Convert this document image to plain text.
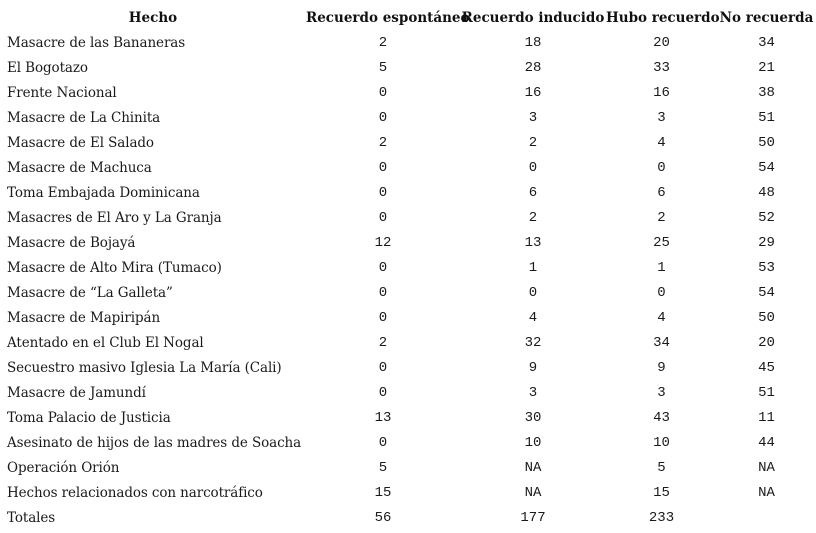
Hecho	Recuerdo espontáneo	Recuerdo inducido	Hubo recuerdo	No recuerda
Masacre de las Bananeras	2	18	20	34
El Bogotazo	5	28	33	21
Frente Nacional	0	16	16	38
Masacre de La Chinita	0	3	3	51
Masacre de El Salado	2	2	4	50
Masacre de Machuca	0	0	0	54
Toma Embajada Dominicana	0	6	6	48
Masacres de El Aro y La Granja	0	2	2	52
Masacre de Bojayá	12	13	25	29
Masacre de Alto Mira (Tumaco)	0	1	1	53
Masacre de “La Galleta”	0	0	0	54
Masacre de Mapiripán	0	4	4	50
Atentado en el Club El Nogal	2	32	34	20
Secuestro masivo Iglesia La María (Cali)	0	9	9	45
Masacre de Jamundí	0	3	3	51
Toma Palacio de Justicia	13	30	43	11
Asesinato de hijos de las madres de Soacha	0	10	10	44
Operación Orión	5	NA	5	NA
Hechos relacionados con narcotráfico	15	NA	15	NA
Totales	56	177	233	
